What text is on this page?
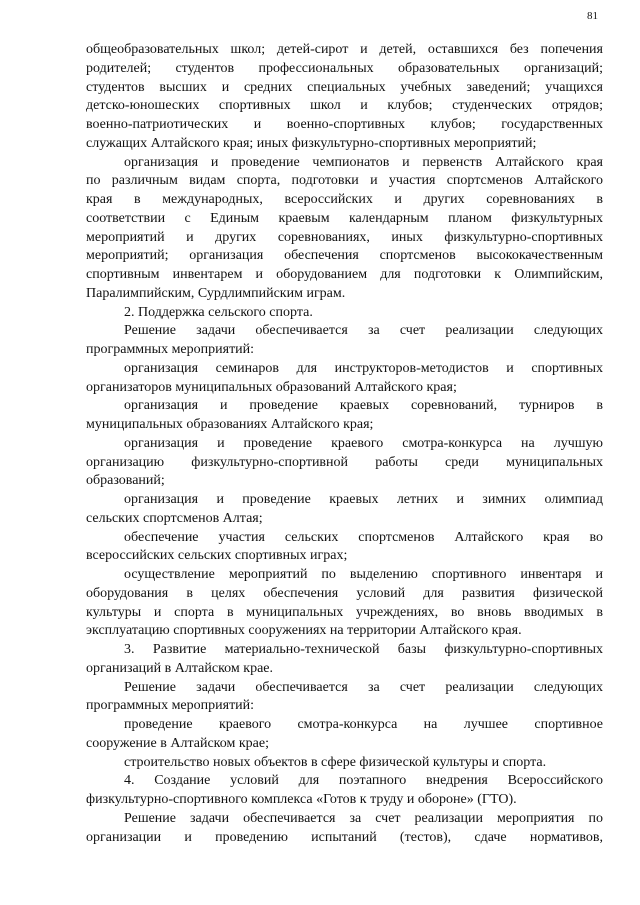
81
общеобразовательных школ; детей-сирот и детей, оставшихся без попечения
родителей; студентов профессиональных образовательных организаций;
студентов высших и средних специальных учебных заведений; учащихся
детско-юношеских спортивных школ и клубов; студенческих отрядов;
военно-патриотических и военно-спортивных клубов; государственных
служащих Алтайского края; иных физкультурно-спортивных мероприятий;
организация и проведение чемпионатов и первенств Алтайского края
по различным видам спорта, подготовки и участия спортсменов Алтайского
края в международных, всероссийских и других соревнованиях в
соответствии с Единым краевым календарным планом физкультурных
мероприятий и других соревнованиях, иных физкультурно-спортивных
мероприятий; организация обеспечения спортсменов высококачественным
спортивным инвентарем и оборудованием для подготовки к Олимпийским,
Паралимпийским, Сурдлимпийским играм.
2. Поддержка сельского спорта.
Решение задачи обеспечивается за счет реализации следующих
программных мероприятий:
организация семинаров для инструкторов-методистов и спортивных
организаторов муниципальных образований Алтайского края;
организация и проведение краевых соревнований, турниров в
муниципальных образованиях Алтайского края;
организация и проведение краевого смотра-конкурса на лучшую
организацию физкультурно-спортивной работы среди муниципальных
образований;
организация и проведение краевых летних и зимних олимпиад
сельских спортсменов Алтая;
обеспечение участия сельских спортсменов Алтайского края во
всероссийских сельских спортивных играх;
осуществление мероприятий по выделению спортивного инвентаря и
оборудования в целях обеспечения условий для развития физической
культуры и спорта в муниципальных учреждениях, во вновь вводимых в
эксплуатацию спортивных сооружениях на территории Алтайского края.
3. Развитие материально-технической базы физкультурно-спортивных
организаций в Алтайском крае.
Решение задачи обеспечивается за счет реализации следующих
программных мероприятий:
проведение краевого смотра-конкурса на лучшее спортивное
сооружение в Алтайском крае;
строительство новых объектов в сфере физической культуры и спорта.
4. Создание условий для поэтапного внедрения Всероссийского
физкультурно-спортивного комплекса «Готов к труду и обороне» (ГТО).
Решение задачи обеспечивается за счет реализации мероприятия по
организации и проведению испытаний (тестов), сдаче нормативов,
